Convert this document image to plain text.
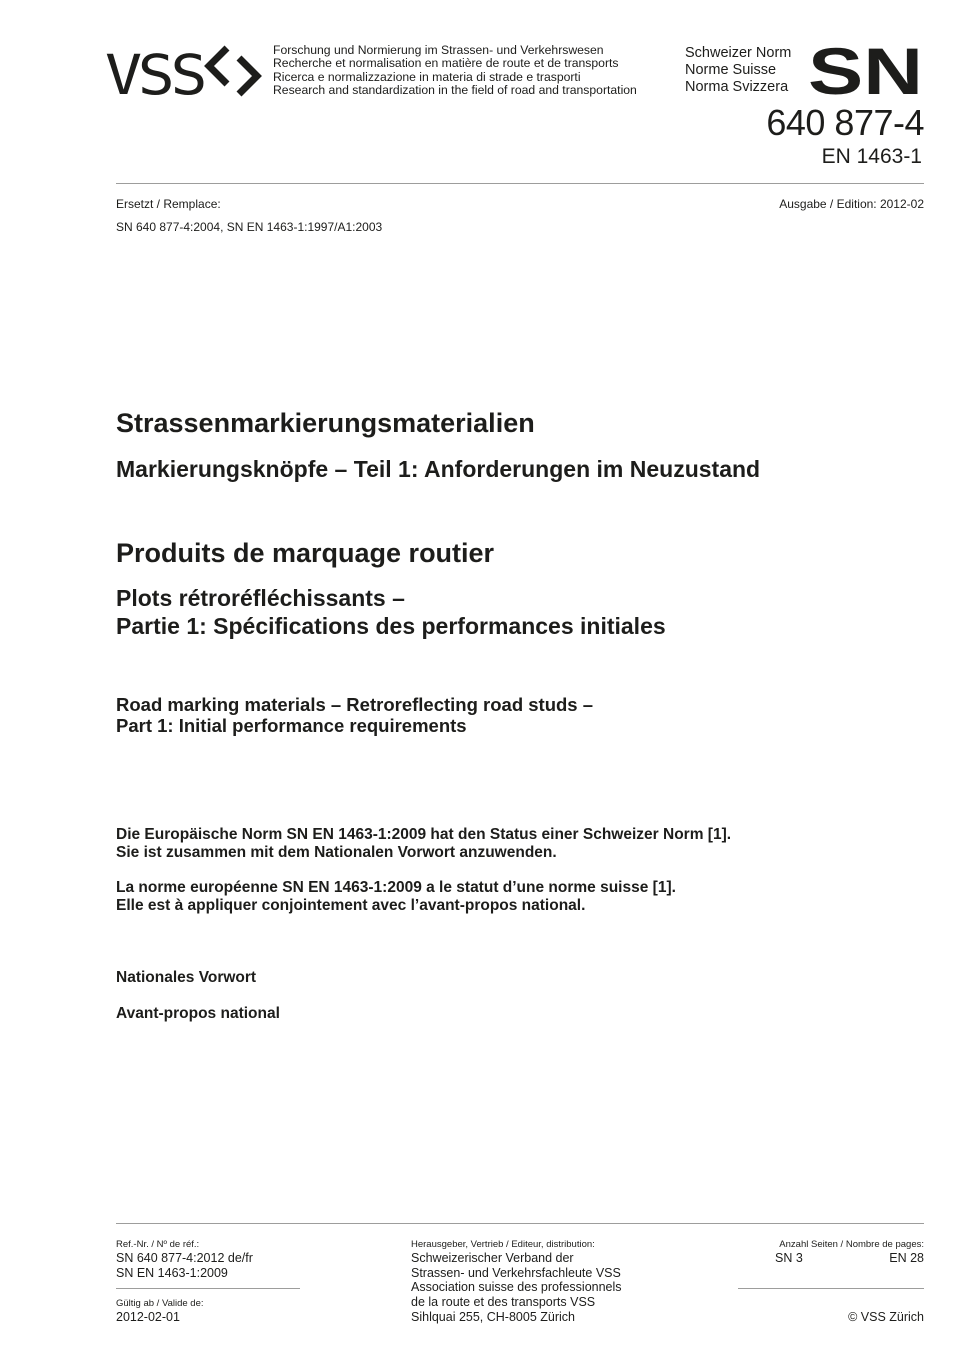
VSS	Forschung und Normierung im Strassen- und Verkehrswesen
Recherche et normalisation en matière de route et de transports
Ricerca e normalizzazione in materia di strade e trasporti
Research and standardization in the field of road and transportation
Schweizer Norm
Norme Suisse
Norma Svizzera SN
640 877-4
EN 1463-1
Ersetzt / Remplace:	Ausgabe / Edition: 2012-02
SN 640 877-4:2004, SN EN 1463-1:1997/A1:2003
Strassenmarkierungsmaterialien
Markierungsknöpfe – Teil 1: Anforderungen im Neuzustand
Produits de marquage routier
Plots rétroréfléchissants –
Partie 1: Spécifications des performances initiales
Road marking materials – Retroreflecting road studs –
Part 1: Initial performance requirements
Die Europäische Norm SN EN 1463-1:2009 hat den Status einer Schweizer Norm [1].
Sie ist zusammen mit dem Nationalen Vorwort anzuwenden.
La norme européenne SN EN 1463-1:2009 a le statut d’une norme suisse [1].
Elle est à appliquer conjointement avec l’avant-propos national.
Nationales Vorwort
Avant-propos national
Ref.-Nr. / Nº de réf.:
SN 640 877-4:2012 de/fr
SN EN 1463-1:2009
Gültig ab / Valide de:
2012-02-01
Herausgeber, Vertrieb / Editeur, distribution:
Schweizerischer Verband der
Strassen- und Verkehrsfachleute VSS
Association suisse des professionnels
de la route et des transports VSS
Sihlquai 255, CH-8005 Zürich
Anzahl Seiten / Nombre de pages:
SN 3	EN 28
© VSS Zürich
